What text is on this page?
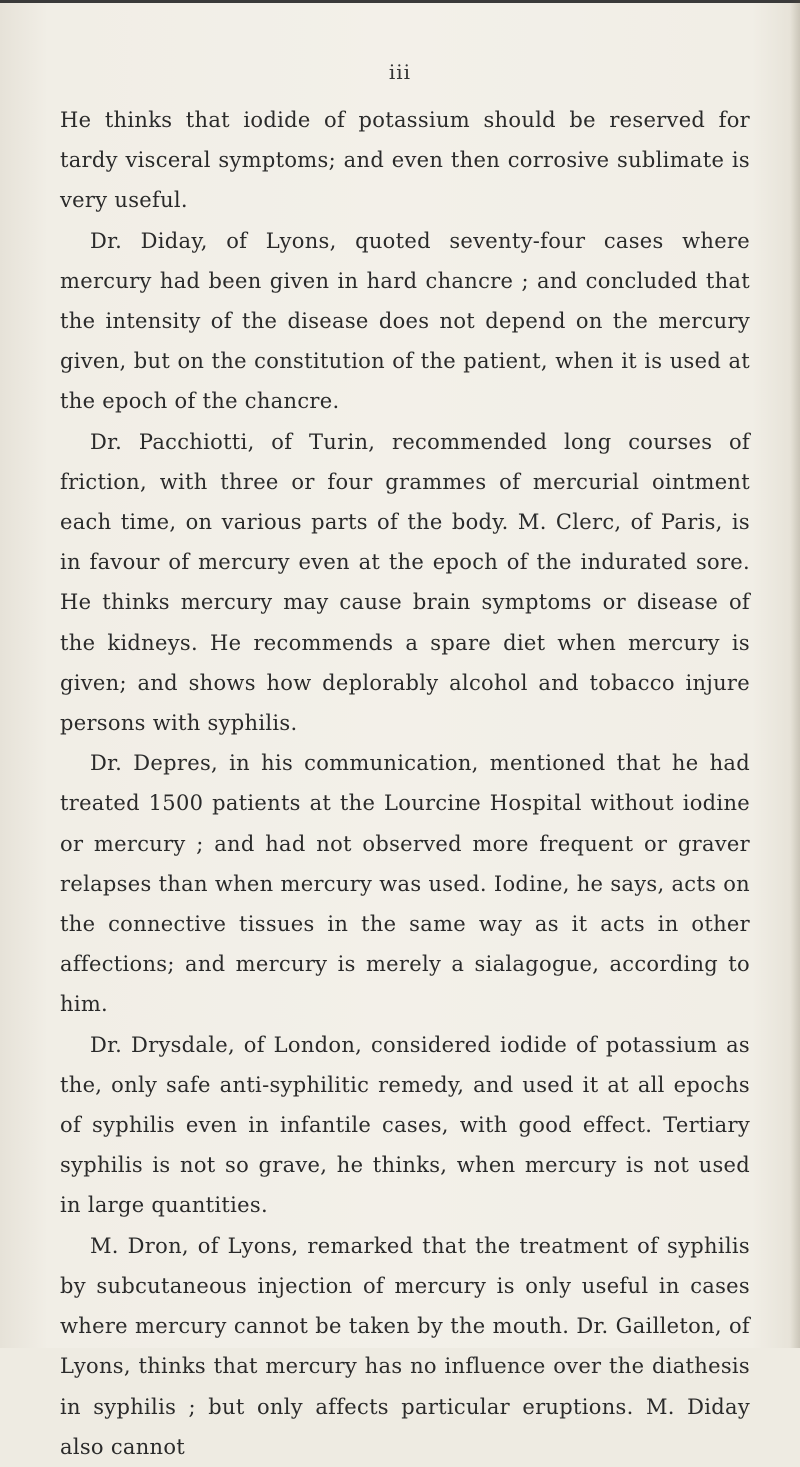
iii

He thinks that iodide of potassium should be reserved for tardy visceral symptoms; and even then corrosive sublimate is very useful.

Dr. Diday, of Lyons, quoted seventy-four cases where mercury had been given in hard chancre ; and concluded that the intensity of the disease does not depend on the mercury given, but on the constitution of the patient, when it is used at the epoch of the chancre.

Dr. Pacchiotti, of Turin, recommended long courses of friction, with three or four grammes of mercurial ointment each time, on various parts of the body. M. Clerc, of Paris, is in favour of mercury even at the epoch of the indurated sore. He thinks mercury may cause brain symptoms or disease of the kidneys. He recommends a spare diet when mercury is given; and shows how deplorably alcohol and tobacco injure persons with syphilis.

Dr. Depres, in his communication, mentioned that he had treated 1500 patients at the Lourcine Hospital without iodine or mercury ; and had not observed more frequent or graver relapses than when mercury was used. Iodine, he says, acts on the connective tissues in the same way as it acts in other affections; and mercury is merely a sialagogue, according to him.

Dr. Drysdale, of London, considered iodide of potassium as the, only safe anti-syphilitic remedy, and used it at all epochs of syphilis even in infantile cases, with good effect. Tertiary syphilis is not so grave, he thinks, when mercury is not used in large quantities.

M. Dron, of Lyons, remarked that the treatment of syphilis by subcutaneous injection of mercury is only useful in cases where mercury cannot be taken by the mouth. Dr. Gailleton, of Lyons, thinks that mercury has no influence over the diathesis in syphilis ; but only affects particular eruptions. M. Diday also cannot
